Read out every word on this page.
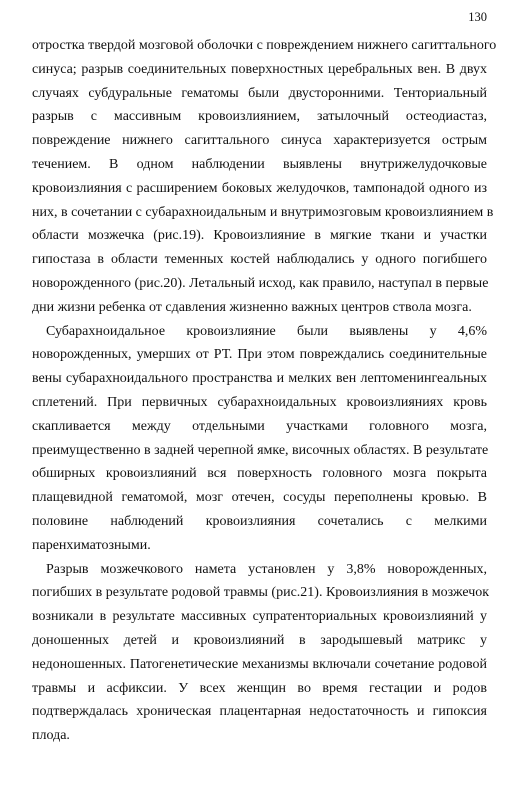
130
отростка твердой мозговой оболочки с повреждением нижнего сагиттального
синуса; разрыв соединительных поверхностных церебральных вен. В двух
случаях субдуральные гематомы были двусторонними. Тенториальный
разрыв с массивным кровоизлиянием, затылочный остеодиастаз,
повреждение нижнего сагиттального синуса характеризуется острым
течением. В одном наблюдении выявлены внутрижелудочковые
кровоизлияния с расширением боковых желудочков, тампонадой одного из
них, в сочетании с субарахноидальным и внутримозговым кровоизлиянием в
области мозжечка (рис.19). Кровоизлияние в мягкие ткани и участки
гипостаза в области теменных костей наблюдались у одного погибшего
новорожденного (рис.20). Летальный исход, как правило, наступал в первые
дни жизни ребенка от сдавления жизненно важных центров ствола мозга.
Субарахноидальное кровоизлияние были выявлены у 4,6%
новорожденных, умерших от РТ. При этом повреждались соединительные
вены субарахноидального пространства и мелких вен лептоменингеальных
сплетений. При первичных субарахноидальных кровоизлияниях кровь
скапливается между отдельными участками головного мозга,
преимущественно в задней черепной ямке, височных областях. В результате
обширных кровоизлияний вся поверхность головного мозга покрыта
плащевидной гематомой, мозг отечен, сосуды переполнены кровью. В
половине наблюдений кровоизлияния сочетались с мелкими
паренхиматозными.
Разрыв мозжечкового намета установлен у 3,8% новорожденных,
погибших в результате родовой травмы (рис.21). Кровоизлияния в мозжечок
возникали в результате массивных супратенториальных кровоизлияний у
доношенных детей и кровоизлияний в зародышевый матрикс у
недоношенных. Патогенетические механизмы включали сочетание родовой
травмы и асфиксии. У всех женщин во время гестации и родов
подтверждалась хроническая плацентарная недостаточность и гипоксия
плода.
